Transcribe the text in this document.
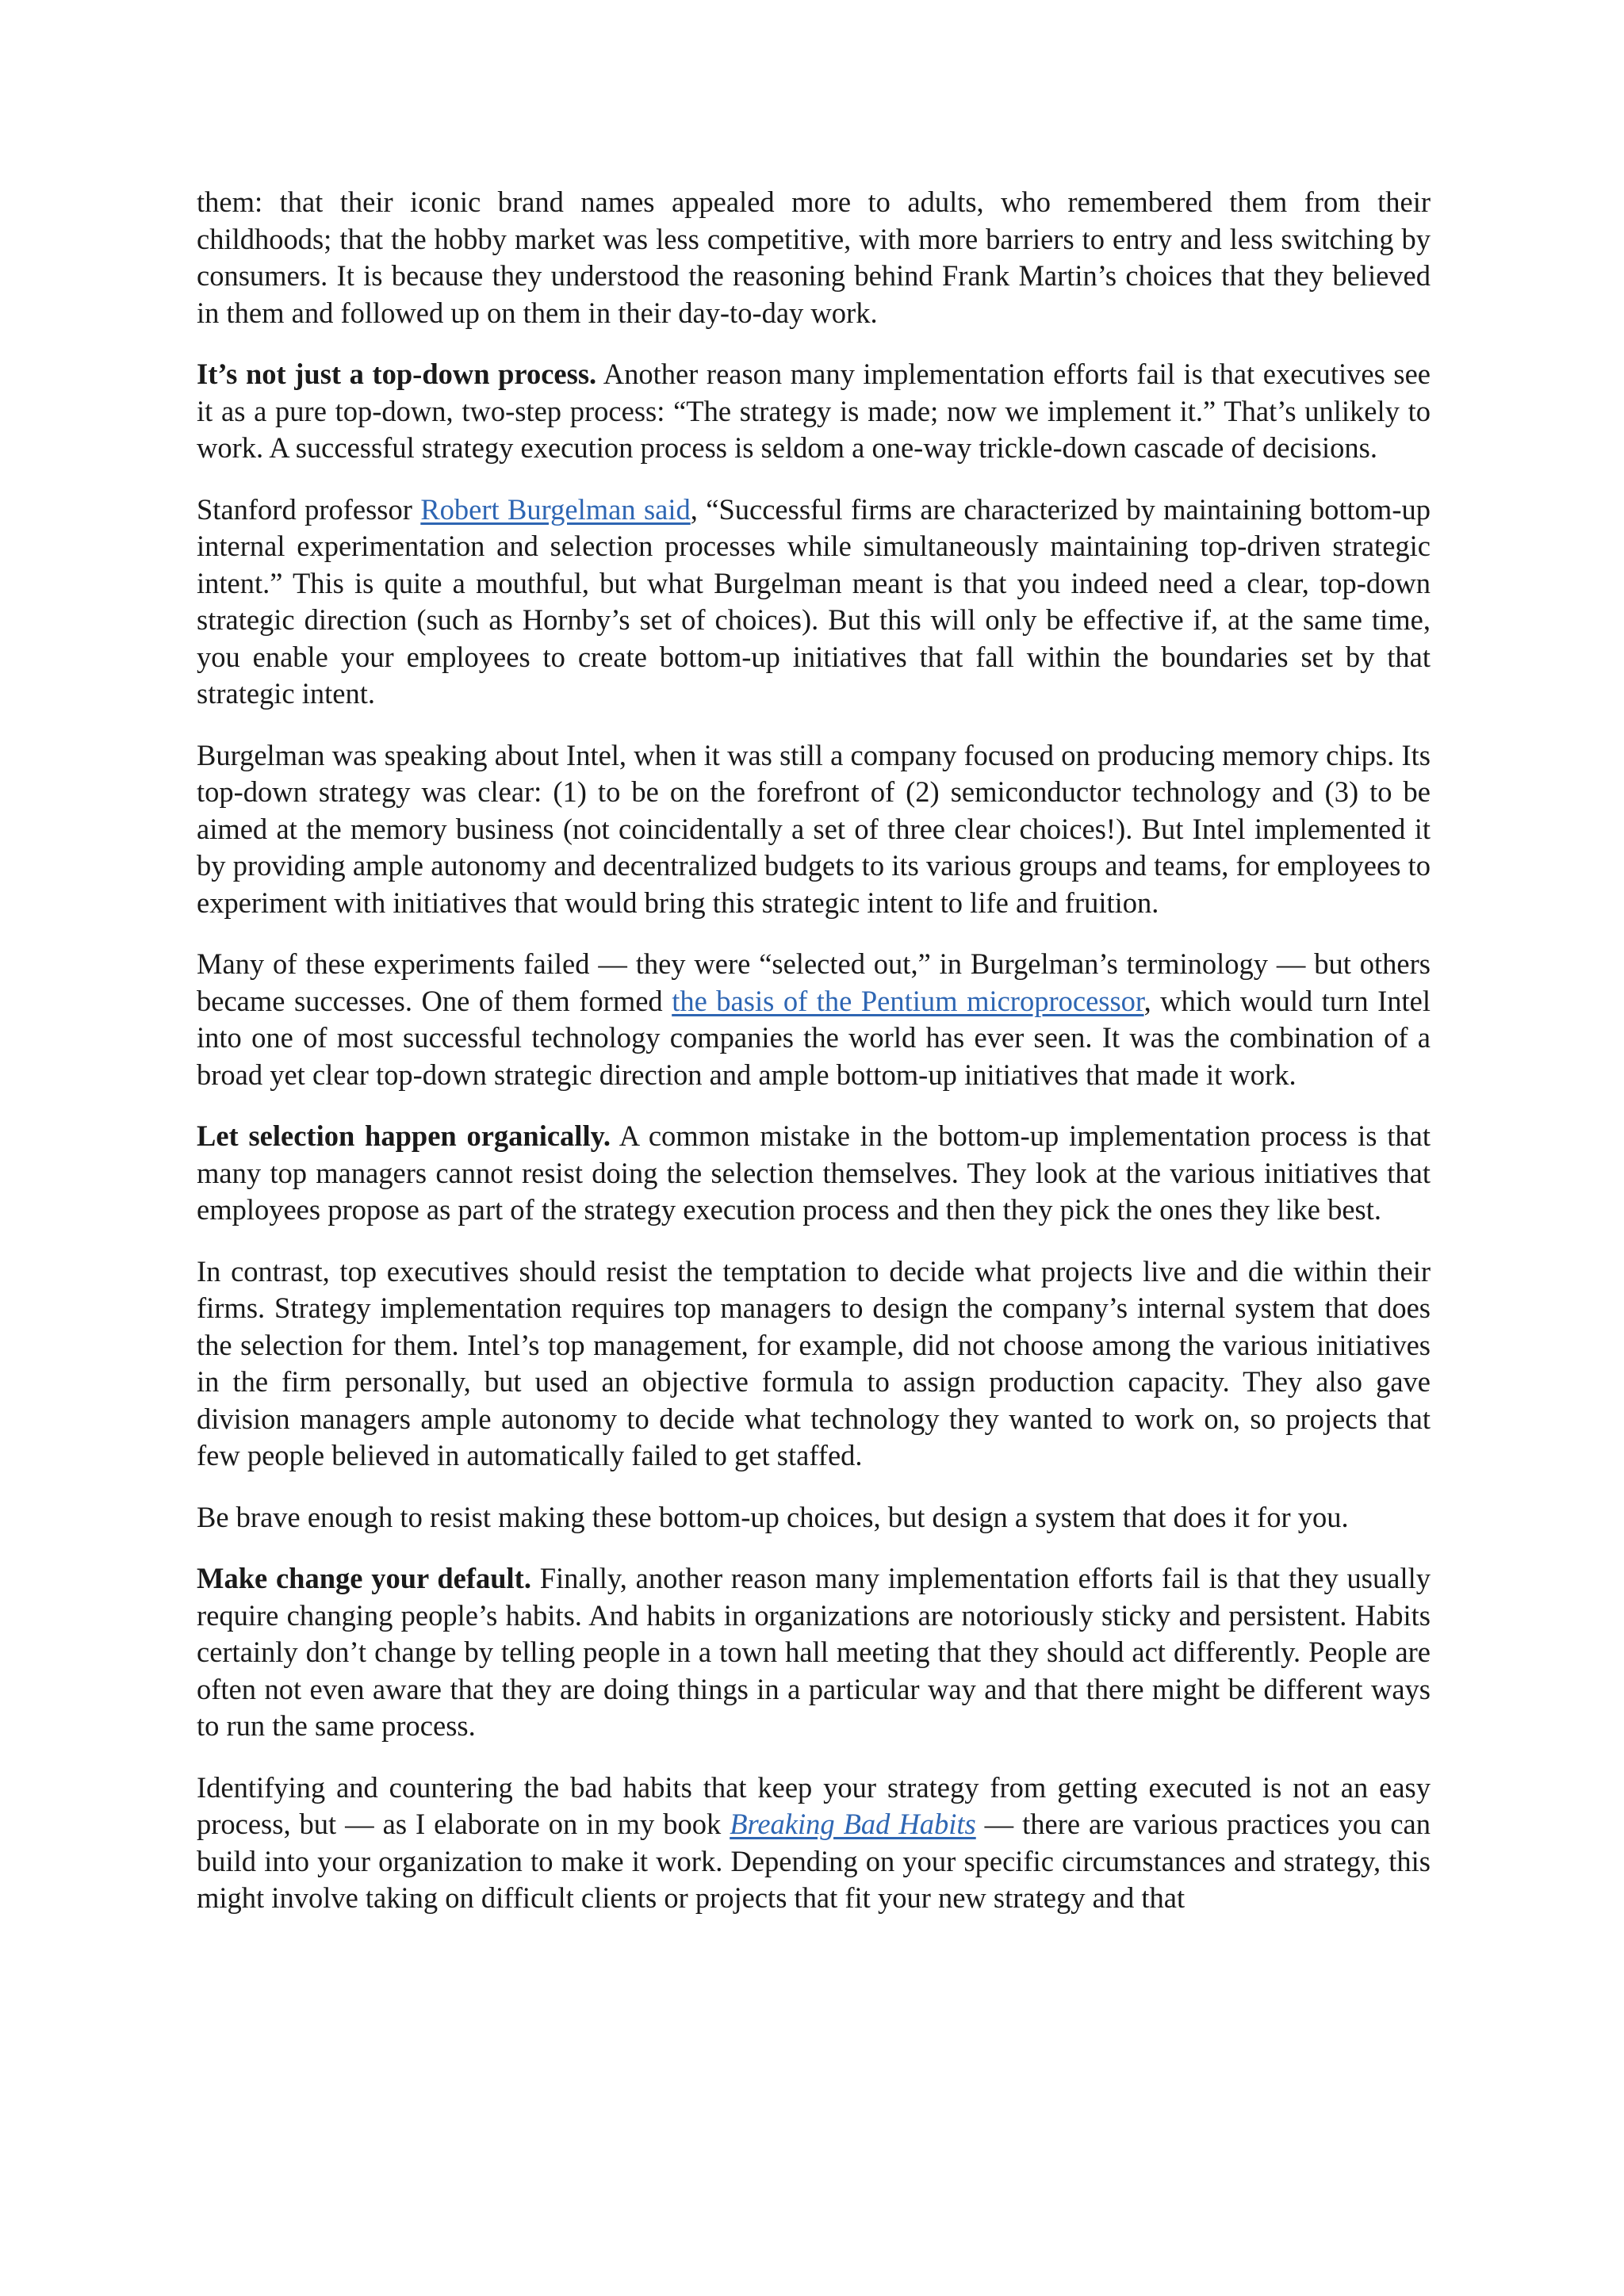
them: that their iconic brand names appealed more to adults, who remembered them from their childhoods; that the hobby market was less competitive, with more barriers to entry and less switching by consumers. It is because they understood the reasoning behind Frank Martin’s choices that they believed in them and followed up on them in their day-to-day work.

It’s not just a top-down process. Another reason many implementation efforts fail is that executives see it as a pure top-down, two-step process: “The strategy is made; now we implement it.” That’s unlikely to work. A successful strategy execution process is seldom a one-way trickle-down cascade of decisions.

Stanford professor Robert Burgelman said, “Successful firms are characterized by maintaining bottom-up internal experimentation and selection processes while simultaneously maintaining top-driven strategic intent.” This is quite a mouthful, but what Burgelman meant is that you indeed need a clear, top-down strategic direction (such as Hornby’s set of choices). But this will only be effective if, at the same time, you enable your employees to create bottom-up initiatives that fall within the boundaries set by that strategic intent.

Burgelman was speaking about Intel, when it was still a company focused on producing memory chips. Its top-down strategy was clear: (1) to be on the forefront of (2) semiconductor technology and (3) to be aimed at the memory business (not coincidentally a set of three clear choices!). But Intel implemented it by providing ample autonomy and decentralized budgets to its various groups and teams, for employees to experiment with initiatives that would bring this strategic intent to life and fruition.

Many of these experiments failed — they were “selected out,” in Burgelman’s terminology — but others became successes. One of them formed the basis of the Pentium microprocessor, which would turn Intel into one of most successful technology companies the world has ever seen. It was the combination of a broad yet clear top-down strategic direction and ample bottom-up initiatives that made it work.

Let selection happen organically. A common mistake in the bottom-up implementation process is that many top managers cannot resist doing the selection themselves. They look at the various initiatives that employees propose as part of the strategy execution process and then they pick the ones they like best.

In contrast, top executives should resist the temptation to decide what projects live and die within their firms. Strategy implementation requires top managers to design the company’s internal system that does the selection for them. Intel’s top management, for example, did not choose among the various initiatives in the firm personally, but used an objective formula to assign production capacity. They also gave division managers ample autonomy to decide what technology they wanted to work on, so projects that few people believed in automatically failed to get staffed.

Be brave enough to resist making these bottom-up choices, but design a system that does it for you.

Make change your default. Finally, another reason many implementation efforts fail is that they usually require changing people’s habits. And habits in organizations are notoriously sticky and persistent. Habits certainly don’t change by telling people in a town hall meeting that they should act differently. People are often not even aware that they are doing things in a particular way and that there might be different ways to run the same process.

Identifying and countering the bad habits that keep your strategy from getting executed is not an easy process, but — as I elaborate on in my book Breaking Bad Habits — there are various practices you can build into your organization to make it work. Depending on your specific circumstances and strategy, this might involve taking on difficult clients or projects that fit your new strategy and that
